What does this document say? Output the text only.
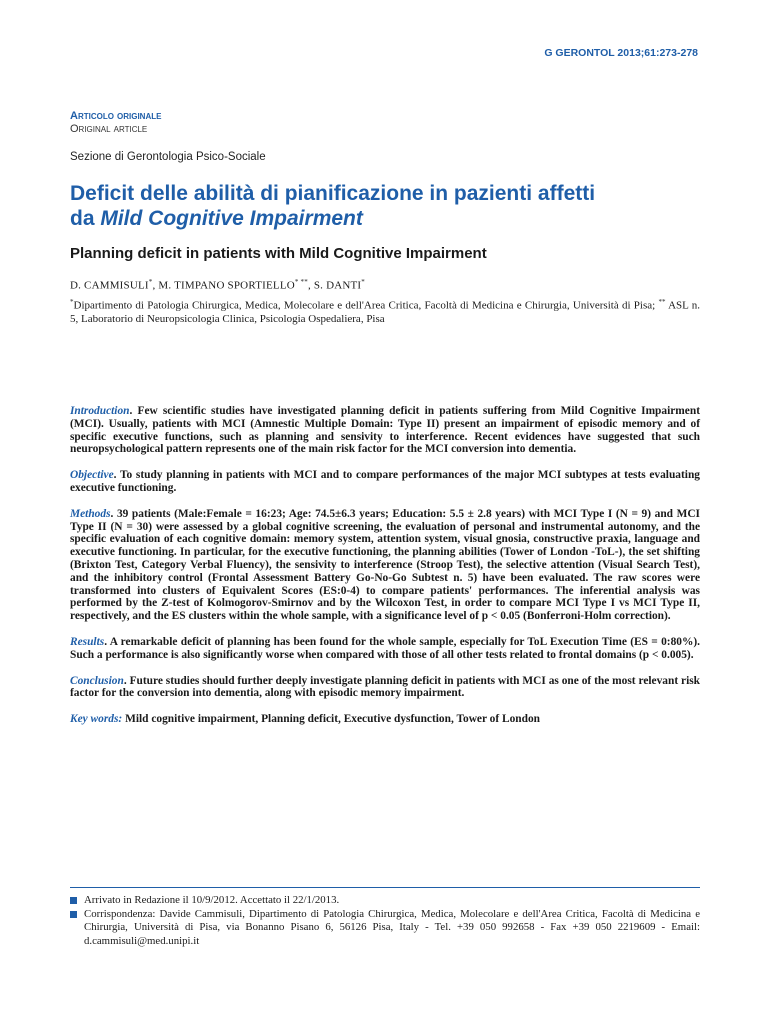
G GERONTOL 2013;61:273-278
Articolo originale
Original article
Sezione di Gerontologia Psico-Sociale
Deficit delle abilità di pianificazione in pazienti affetti
da Mild Cognitive Impairment
Planning deficit in patients with Mild Cognitive Impairment
D. CAMMISULI*, M. TIMPANO SPORTIELLO* **, S. DANTI*
*Dipartimento di Patologia Chirurgica, Medica, Molecolare e dell'Area Critica, Facoltà di Medicina e Chirurgia, Università di Pisa; ** ASL n. 5, Laboratorio di Neuropsicologia Clinica, Psicologia Ospedaliera, Pisa

Introduction. Few scientific studies have investigated planning deficit in patients suffering from Mild Cognitive Impairment (MCI). Usually, patients with MCI (Amnestic Multiple Domain: Type II) present an impairment of episodic memory and of specific executive functions, such as planning and sensivity to interference. Recent evidences have suggested that such neuropsychological pattern represents one of the main risk factor for the MCI conversion into dementia.

Objective. To study planning in patients with MCI and to compare performances of the major MCI subtypes at tests evaluating executive functioning.

Methods. 39 patients (Male:Female = 16:23; Age: 74.5±6.3 years; Education: 5.5 ± 2.8 years) with MCI Type I (N = 9) and MCI Type II (N = 30) were assessed by a global cognitive screening, the evaluation of personal and instrumental autonomy, and the specific evaluation of each cognitive domain: memory system, attention system, visual gnosia, constructive praxia, language and executive functioning. In particular, for the executive functioning, the planning abilities (Tower of London -ToL-), the set shifting (Brixton Test, Category Verbal Fluency), the sensivity to interference (Stroop Test), the selective attention (Visual Search Test), and the inhibitory control (Frontal Assessment Battery Go-No-Go Subtest n. 5) have been evaluated. The raw scores were transformed into clusters of Equivalent Scores (ES:0-4) to compare patients' performances. The inferential analysis was performed by the Z-test of Kolmogorov-Smirnov and by the Wilcoxon Test, in order to compare MCI Type I vs MCI Type II, respectively, and the ES clusters within the whole sample, with a significance level of p < 0.05 (Bonferroni-Holm correction).

Results. A remarkable deficit of planning has been found for the whole sample, especially for ToL Execution Time (ES = 0:80%). Such a performance is also significantly worse when compared with those of all other tests related to frontal domains (p < 0.005).

Conclusion. Future studies should further deeply investigate planning deficit in patients with MCI as one of the most relevant risk factor for the conversion into dementia, along with episodic memory impairment.

Key words: Mild cognitive impairment, Planning deficit, Executive dysfunction, Tower of London

Arrivato in Redazione il 10/9/2012. Accettato il 22/1/2013.
Corrispondenza: Davide Cammisuli, Dipartimento di Patologia Chirurgica, Medica, Molecolare e dell'Area Critica, Facoltà di Medicina e Chirurgia, Università di Pisa, via Bonanno Pisano 6, 56126 Pisa, Italy - Tel. +39 050 992658 - Fax +39 050 2219609 - Email: d.cammisuli@med.unipi.it
